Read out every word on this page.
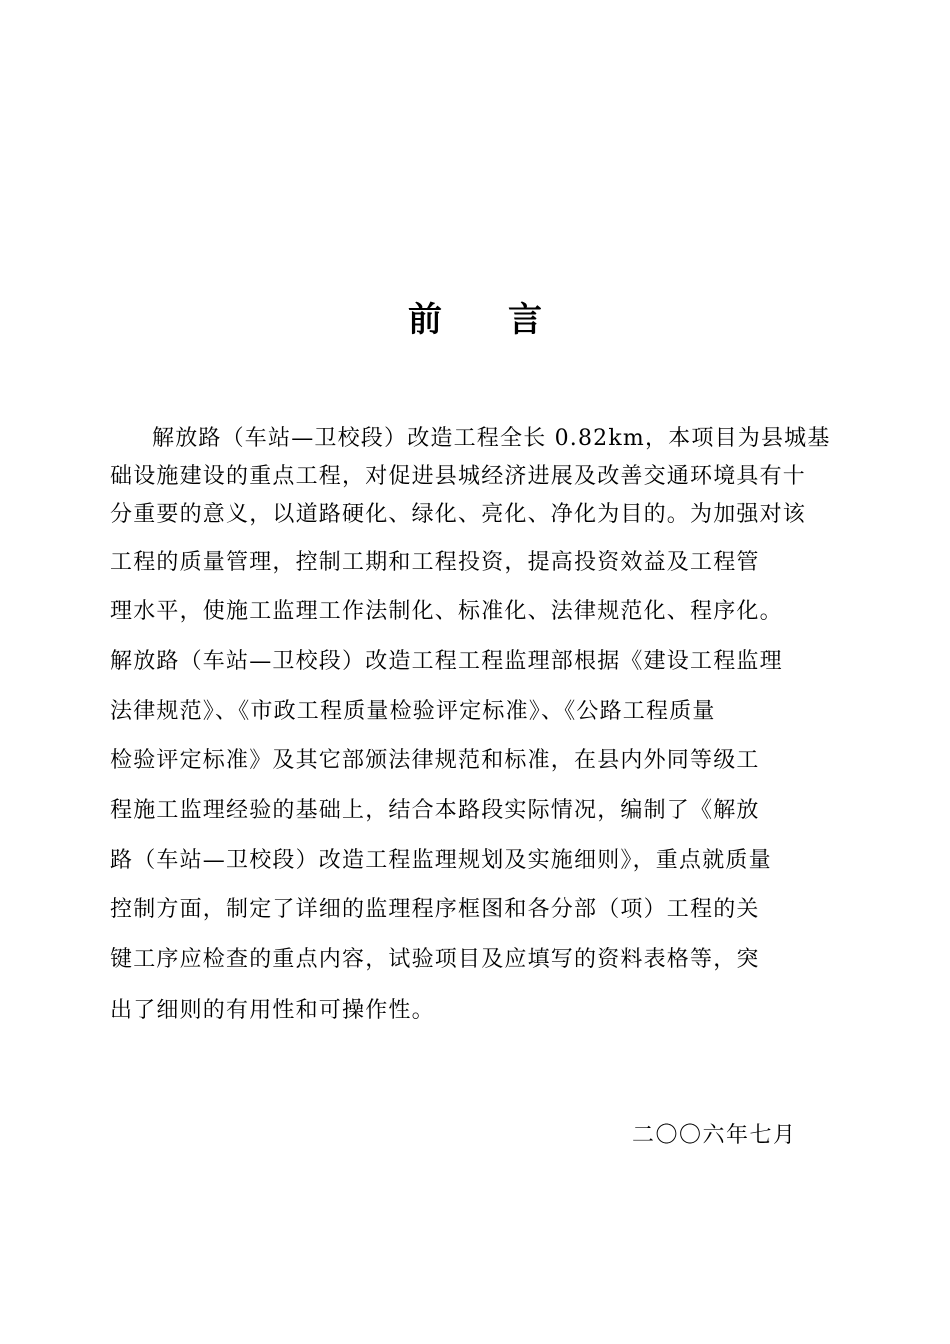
前 言
解放路（车站—卫校段）改造工程全长 0.82km，本项目为县城基
础设施建设的重点工程，对促进县城经济进展及改善交通环境具有十
分重要的意义，以道路硬化、绿化、亮化、净化为目的。为加强对该
工程的质量管理，控制工期和工程投资，提高投资效益及工程管
理水平，使施工监理工作法制化、标准化、法律规范化、程序化。
解放路（车站—卫校段）改造工程工程监理部根据《建设工程监理
法律规范》、《市政工程质量检验评定标准》、《公路工程质量
检验评定标准》及其它部颁法律规范和标准，在县内外同等级工
程施工监理经验的基础上，结合本路段实际情况，编制了《解放
路（车站—卫校段）改造工程监理规划及实施细则》，重点就质量
控制方面，制定了详细的监理程序框图和各分部（项）工程的关
键工序应检查的重点内容，试验项目及应填写的资料表格等，突
出了细则的有用性和可操作性。
二〇〇六年七月
